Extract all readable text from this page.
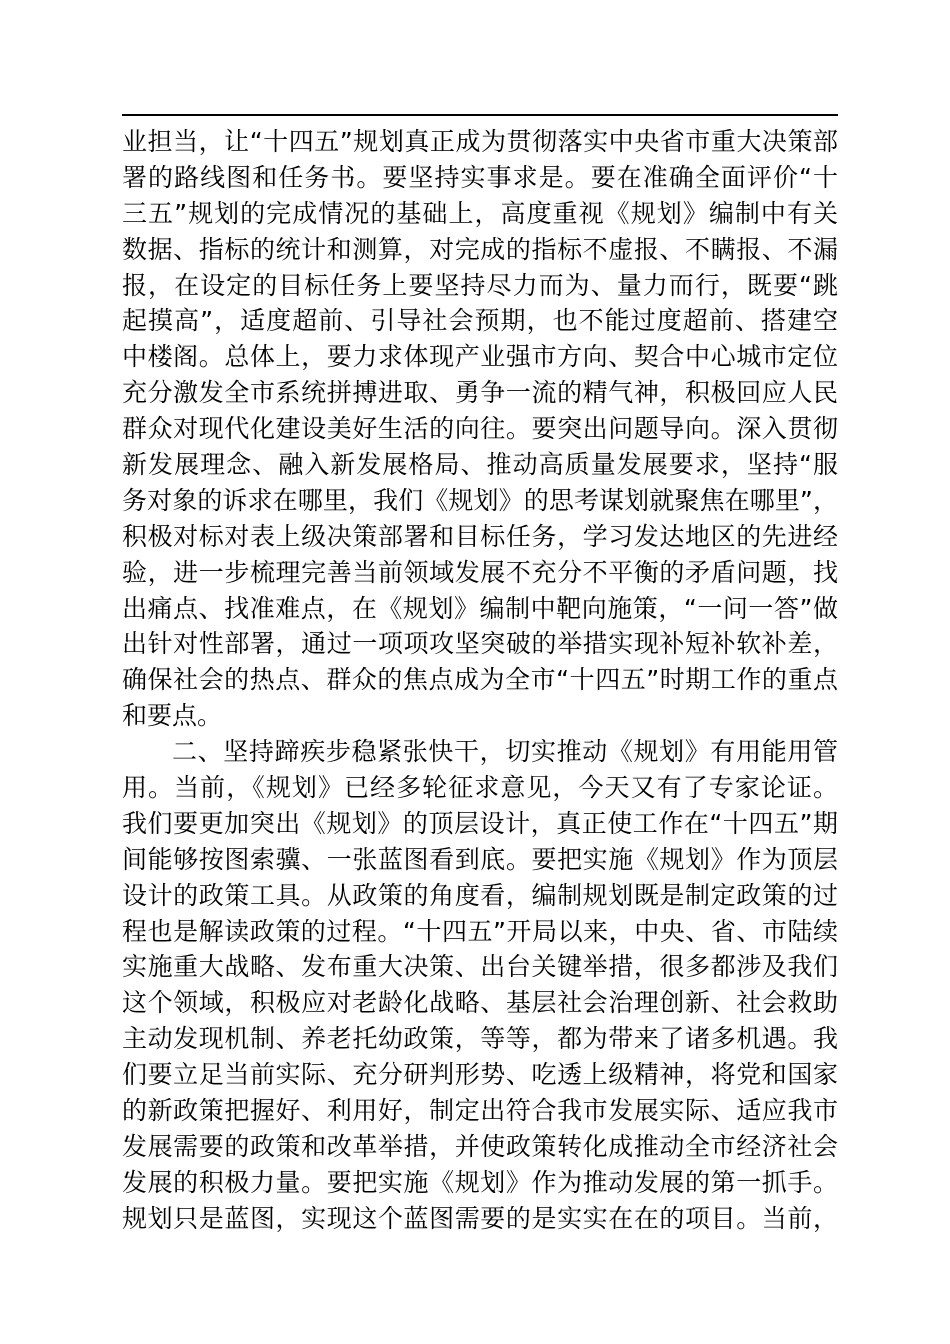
业担当，让“十四五”规划真正成为贯彻落实中央省市重大决策部
署的路线图和任务书。要坚持实事求是。要在准确全面评价“十
三五”规划的完成情况的基础上，高度重视《规划》编制中有关
数据、指标的统计和测算，对完成的指标不虚报、不瞒报、不漏
报，在设定的目标任务上要坚持尽力而为、量力而行，既要“跳
起摸高”，适度超前、引导社会预期，也不能过度超前、搭建空
中楼阁。总体上，要力求体现产业强市方向、契合中心城市定位
充分激发全市系统拼搏进取、勇争一流的精气神，积极回应人民
群众对现代化建设美好生活的向往。要突出问题导向。深入贯彻
新发展理念、融入新发展格局、推动高质量发展要求，坚持“服
务对象的诉求在哪里，我们《规划》的思考谋划就聚焦在哪里”，
积极对标对表上级决策部署和目标任务，学习发达地区的先进经
验，进一步梳理完善当前领域发展不充分不平衡的矛盾问题，找
出痛点、找准难点，在《规划》编制中靶向施策，“一问一答”做
出针对性部署，通过一项项攻坚突破的举措实现补短补软补差，
确保社会的热点、群众的焦点成为全市“十四五”时期工作的重点
和要点。
二、坚持蹄疾步稳紧张快干，切实推动《规划》有用能用管
用。当前，《规划》已经多轮征求意见，今天又有了专家论证。
我们要更加突出《规划》的顶层设计，真正使工作在“十四五”期
间能够按图索骥、一张蓝图看到底。要把实施《规划》作为顶层
设计的政策工具。从政策的角度看，编制规划既是制定政策的过
程也是解读政策的过程。“十四五”开局以来，中央、省、市陆续
实施重大战略、发布重大决策、出台关键举措，很多都涉及我们
这个领域，积极应对老龄化战略、基层社会治理创新、社会救助
主动发现机制、养老托幼政策，等等，都为带来了诸多机遇。我
们要立足当前实际、充分研判形势、吃透上级精神，将党和国家
的新政策把握好、利用好，制定出符合我市发展实际、适应我市
发展需要的政策和改革举措，并使政策转化成推动全市经济社会
发展的积极力量。要把实施《规划》作为推动发展的第一抓手。
规划只是蓝图，实现这个蓝图需要的是实实在在的项目。当前，
